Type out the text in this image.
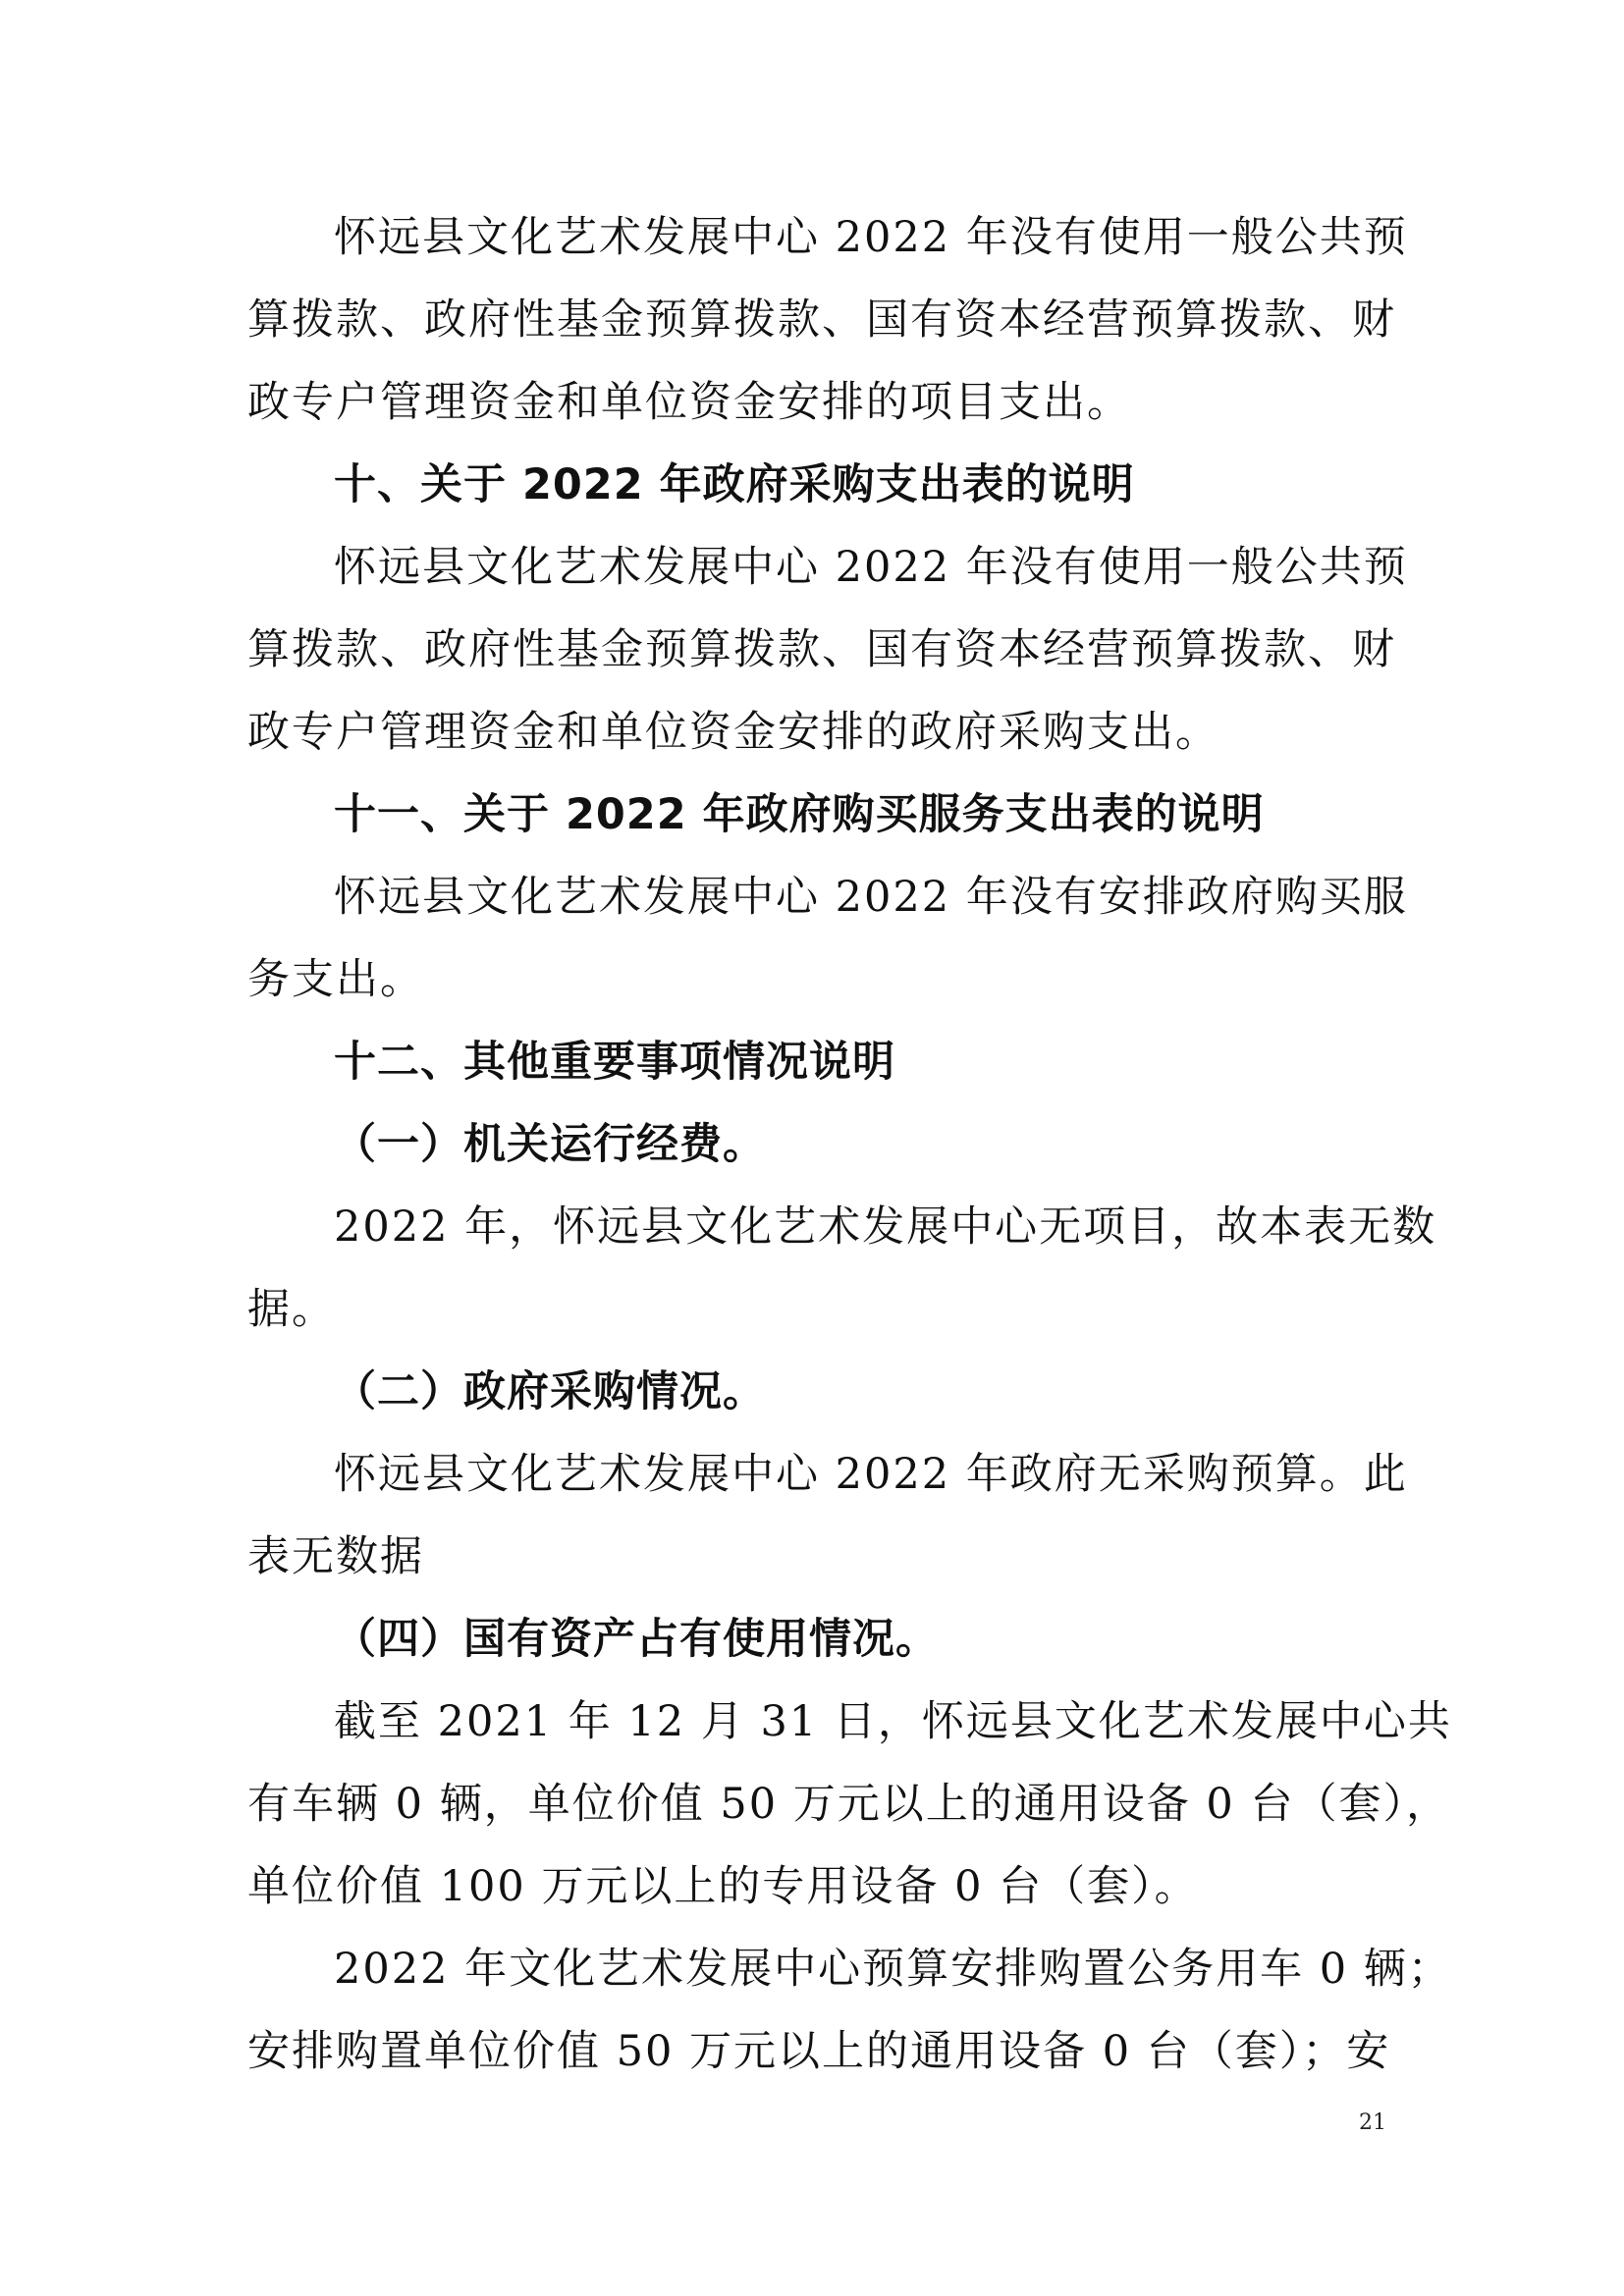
怀远县文化艺术发展中心 2022 年没有使用一般公共预
算拨款、政府性基金预算拨款、国有资本经营预算拨款、财
政专户管理资金和单位资金安排的项目支出。
十、关于 2022 年政府采购支出表的说明
怀远县文化艺术发展中心 2022 年没有使用一般公共预
算拨款、政府性基金预算拨款、国有资本经营预算拨款、财
政专户管理资金和单位资金安排的政府采购支出。
十一、关于 2022 年政府购买服务支出表的说明
怀远县文化艺术发展中心 2022 年没有安排政府购买服
务支出。
十二、其他重要事项情况说明
（一）机关运行经费。
2022 年，怀远县文化艺术发展中心无项目，故本表无数
据。
（二）政府采购情况。
怀远县文化艺术发展中心 2022 年政府无采购预算。此
表无数据
（四）国有资产占有使用情况。
截至 2021 年 12 月 31 日，怀远县文化艺术发展中心共
有车辆 0 辆，单位价值 50 万元以上的通用设备 0 台（套），
单位价值 100 万元以上的专用设备 0 台（套）。
2022 年文化艺术发展中心预算安排购置公务用车 0 辆；
安排购置单位价值 50 万元以上的通用设备 0 台（套）；安
21
